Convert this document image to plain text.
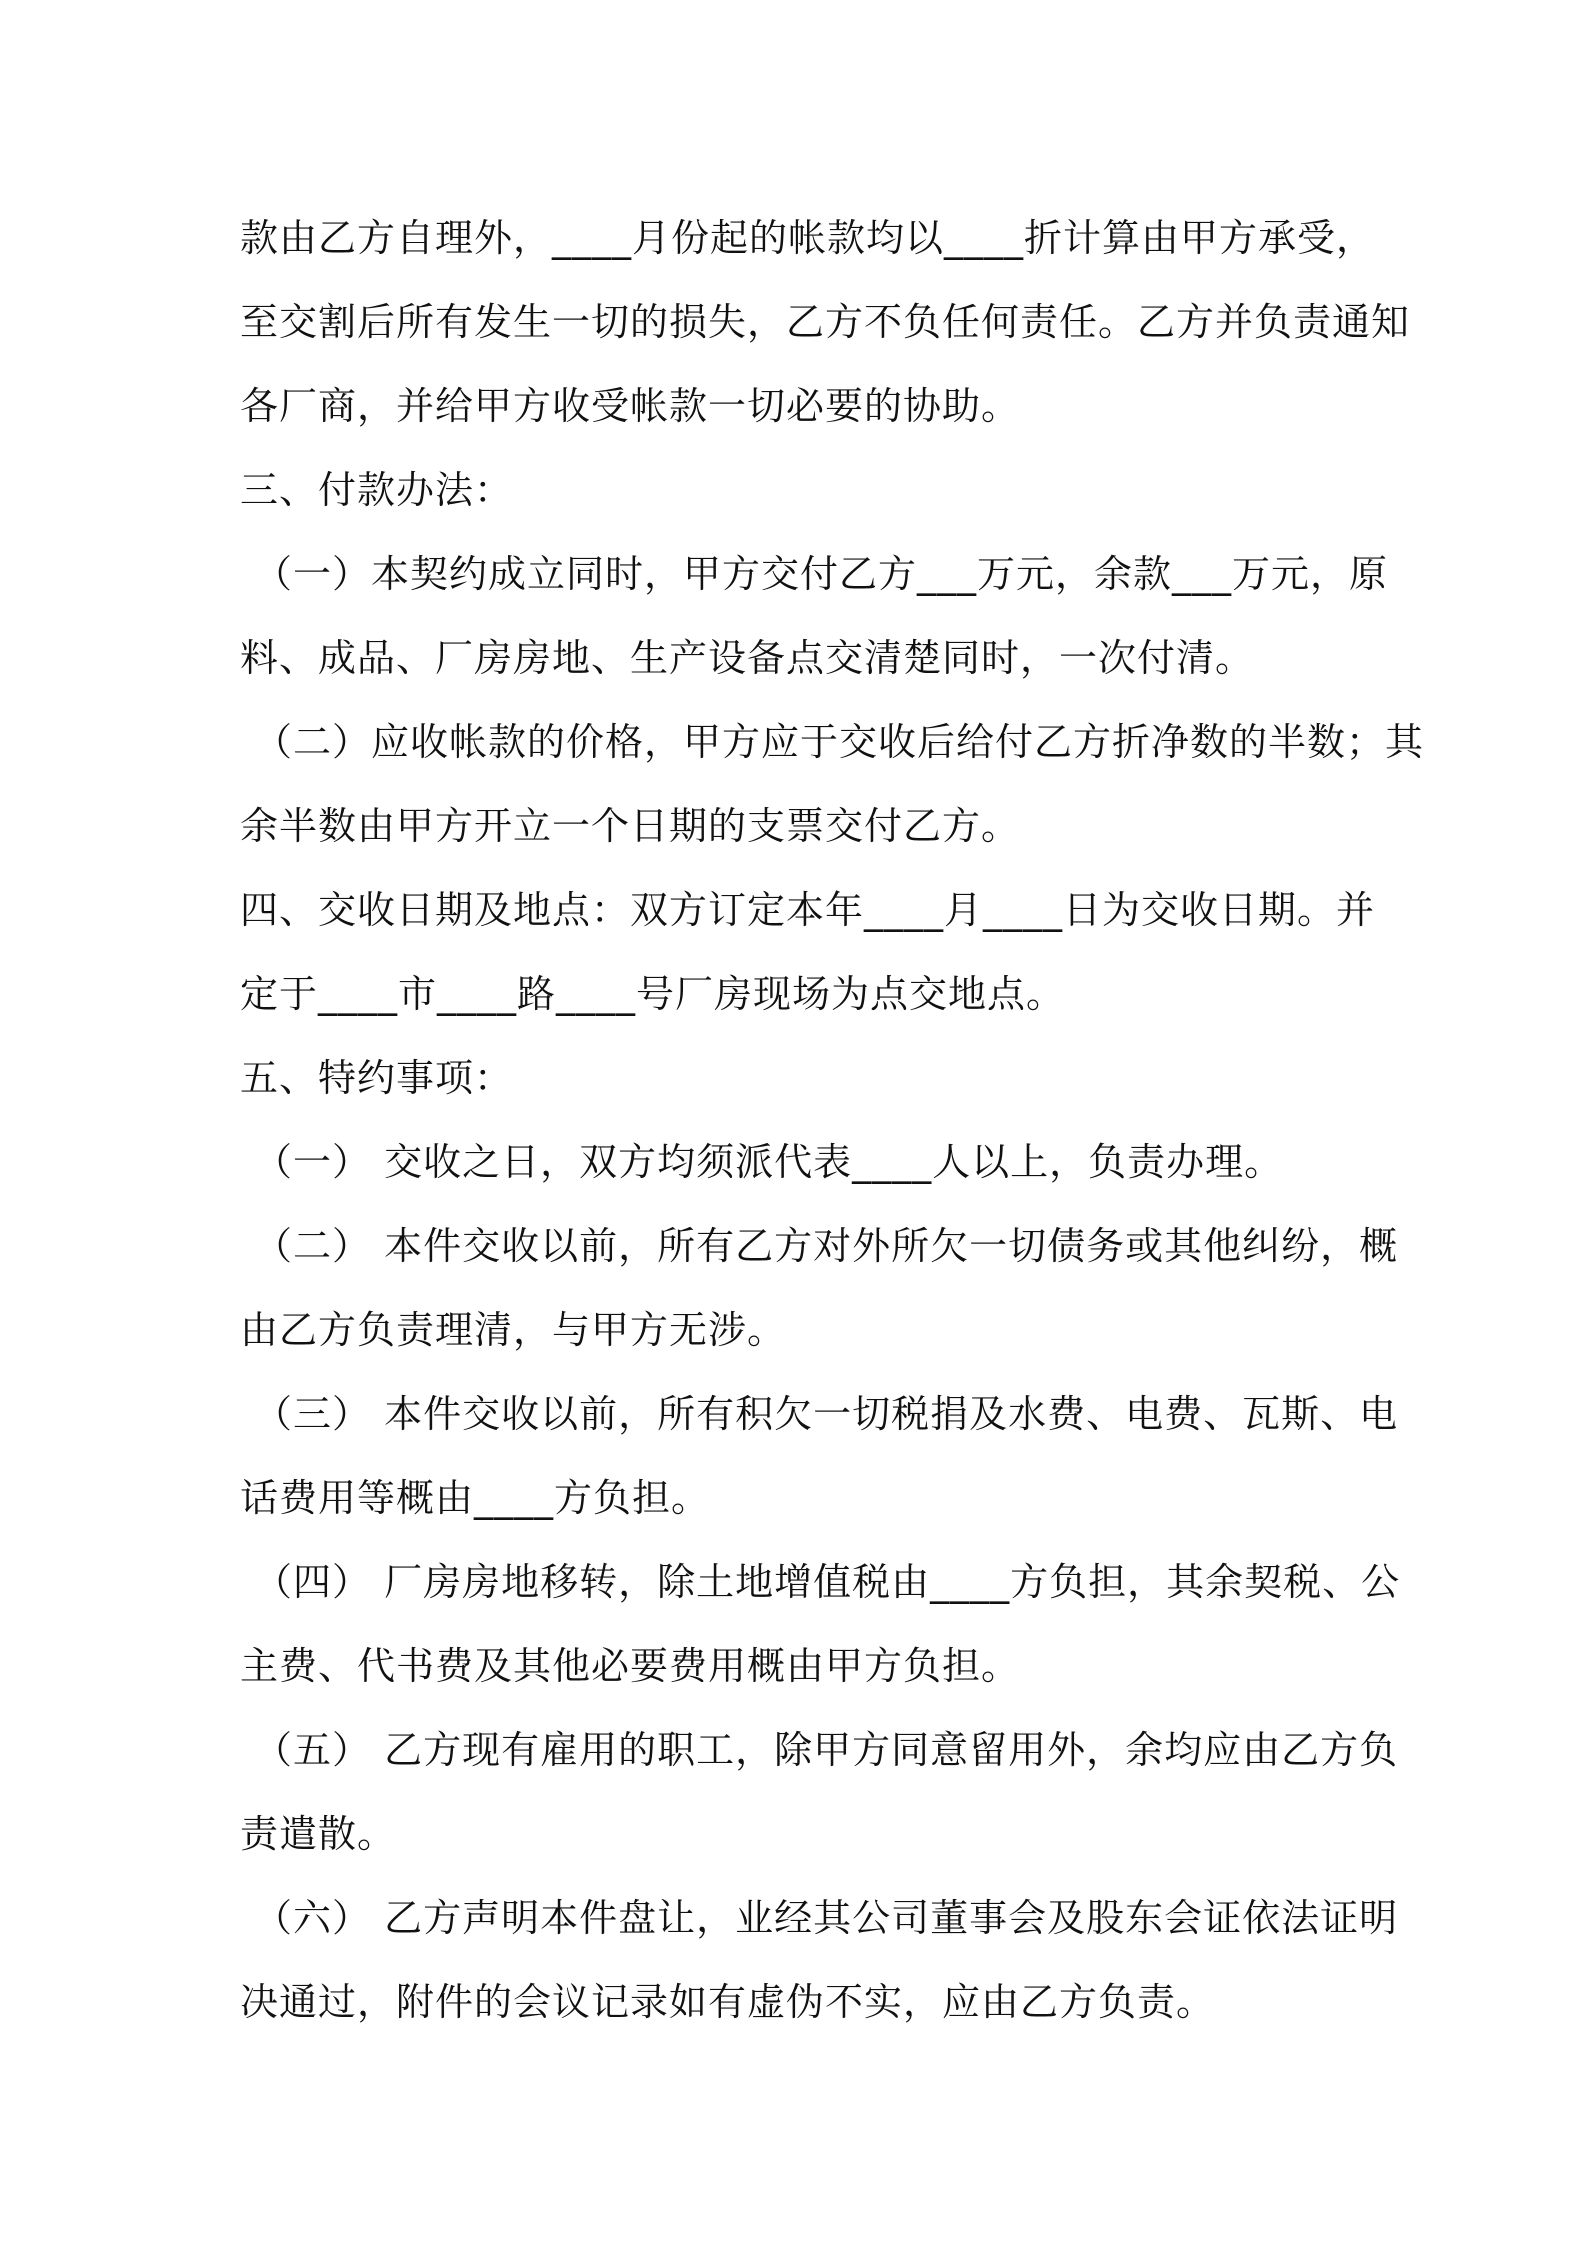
款由乙方自理外，____月份起的帐款均以____折计算由甲方承受，
至交割后所有发生一切的损失，乙方不负任何责任。乙方并负责通知
各厂商，并给甲方收受帐款一切必要的协助。
三、付款办法：
（一）本契约成立同时，甲方交付乙方___万元，余款___万元，原
料、成品、厂房房地、生产设备点交清楚同时，一次付清。
（二）应收帐款的价格，甲方应于交收后给付乙方折净数的半数；其
余半数由甲方开立一个日期的支票交付乙方。
四、交收日期及地点：双方订定本年____月____日为交收日期。并
定于____市____路____号厂房现场为点交地点。
五、特约事项：
（一） 交收之日，双方均须派代表____人以上，负责办理。
（二） 本件交收以前，所有乙方对外所欠一切债务或其他纠纷，概
由乙方负责理清，与甲方无涉。
（三） 本件交收以前，所有积欠一切税捐及水费、电费、瓦斯、电
话费用等概由____方负担。
（四） 厂房房地移转，除土地增值税由____方负担，其余契税、公
主费、代书费及其他必要费用概由甲方负担。
（五） 乙方现有雇用的职工，除甲方同意留用外，余均应由乙方负
责遣散。
（六） 乙方声明本件盘让，业经其公司董事会及股东会证依法证明
决通过，附件的会议记录如有虚伪不实，应由乙方负责。
